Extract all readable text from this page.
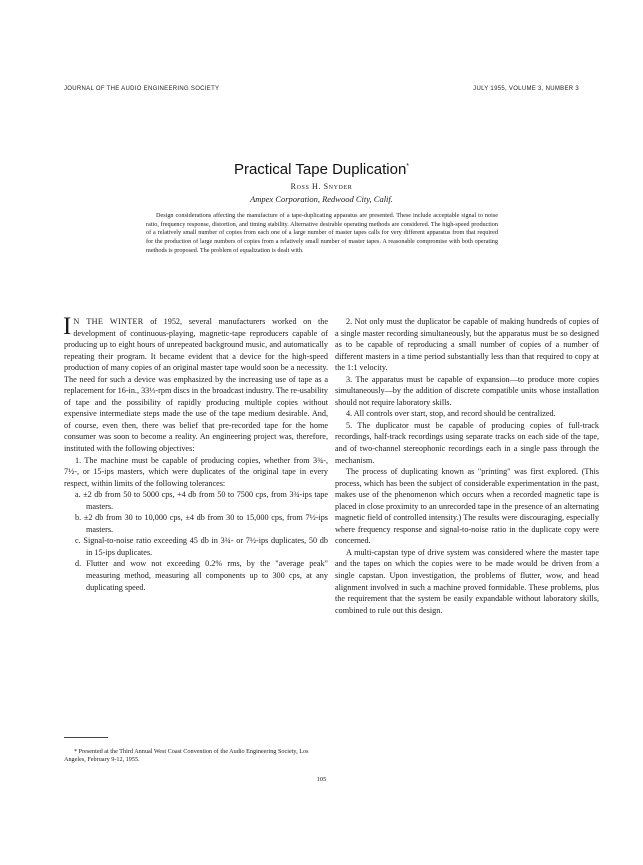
JOURNAL OF THE AUDIO ENGINEERING SOCIETY	JULY 1955, VOLUME 3, NUMBER 3
Practical Tape Duplication*
Ross H. Snyder
Ampex Corporation, Redwood City, Calif.
Design considerations affecting the manufacture of a tape-duplicating apparatus are presented. These include acceptable signal to noise ratio, frequency response, distortion, and timing stability. Alternative desirable operating methods are considered. The high-speed production of a relatively small number of copies from each one of a large number of master tapes calls for very different apparatus from that required for the production of large numbers of copies from a relatively small number of master tapes. A reasonable compromise with both operating methods is proposed. The problem of equalization is dealt with.

I N THE WINTER of 1952, several manufacturers worked on the development of continuous-playing, magnetic-tape reproducers capable of producing up to eight hours of unrepeated background music, and automatically repeating their program. It became evident that a device for the high-speed production of many copies of an original master tape would soon be a necessity. The need for such a device was emphasized by the increasing use of tape as a replacement for 16-in., 33⅓-rpm discs in the broadcast industry. The re-usability of tape and the possibility of rapidly producing multiple copies without expensive intermediate steps made the use of the tape medium desirable. And, of course, even then, there was belief that pre-recorded tape for the home consumer was soon to become a reality. An engineering project was, therefore, instituted with the following objectives:

1. The machine must be capable of producing copies, whether from 3¾-, 7½-, or 15-ips masters, which were duplicates of the original tape in every respect, within limits of the following tolerances:

a. ±2 db from 50 to 5000 cps, +4 db from 50 to 7500 cps, from 3¾-ips tape masters.

b. ±2 db from 30 to 10,000 cps, ±4 db from 30 to 15,000 cps, from 7½-ips masters.

c. Signal-to-noise ratio exceeding 45 db in 3¾- or 7½-ips duplicates, 50 db in 15-ips duplicates.

d. Flutter and wow not exceeding 0.2% rms, by the "average peak" measuring method, measuring all components up to 300 cps, at any duplicating speed.

2. Not only must the duplicator be capable of making hundreds of copies of a single master recording simultaneously, but the apparatus must be so designed as to be capable of reproducing a small number of copies of a number of different masters in a time period substantially less than that required to copy at the 1:1 velocity.

3. The apparatus must be capable of expansion—to produce more copies simultaneously—by the addition of discrete compatible units whose installation should not require laboratory skills.

4. All controls over start, stop, and record should be centralized.

5. The duplicator must be capable of producing copies of full-track recordings, half-track recordings using separate tracks on each side of the tape, and of two-channel stereophonic recordings each in a single pass through the mechanism.

The process of duplicating known as "printing" was first explored. (This process, which has been the subject of considerable experimentation in the past, makes use of the phenomenon which occurs when a recorded magnetic tape is placed in close proximity to an unrecorded tape in the presence of an alternating magnetic field of controlled intensity.) The results were discouraging, especially where frequency response and signal-to-noise ratio in the duplicate copy were concerned.

A multi-capstan type of drive system was considered where the master tape and the tapes on which the copies were to be made would be driven from a single capstan. Upon investigation, the problems of flutter, wow, and head alignment involved in such a machine proved formidable. These problems, plus the requirement that the system be easily expandable without laboratory skills, combined to rule out this design.

* Presented at the Third Annual West Coast Convention of the Audio Engineering Society, Los Angeles, February 9-12, 1955.
105
